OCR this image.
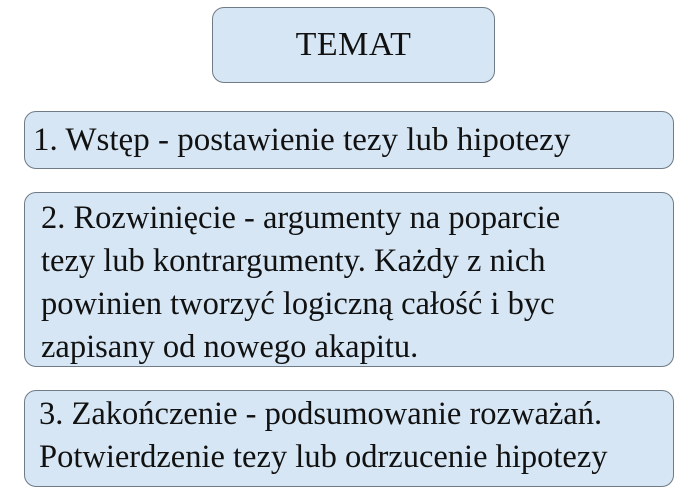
TEMAT
1. Wstęp - postawienie tezy lub hipotezy
2. Rozwinięcie - argumenty na poparcie
tezy lub kontrargumenty. Każdy z nich
powinien tworzyć logiczną całość i byc
zapisany od nowego akapitu.
3. Zakończenie - podsumowanie rozważań.
Potwierdzenie tezy lub odrzucenie hipotezy
